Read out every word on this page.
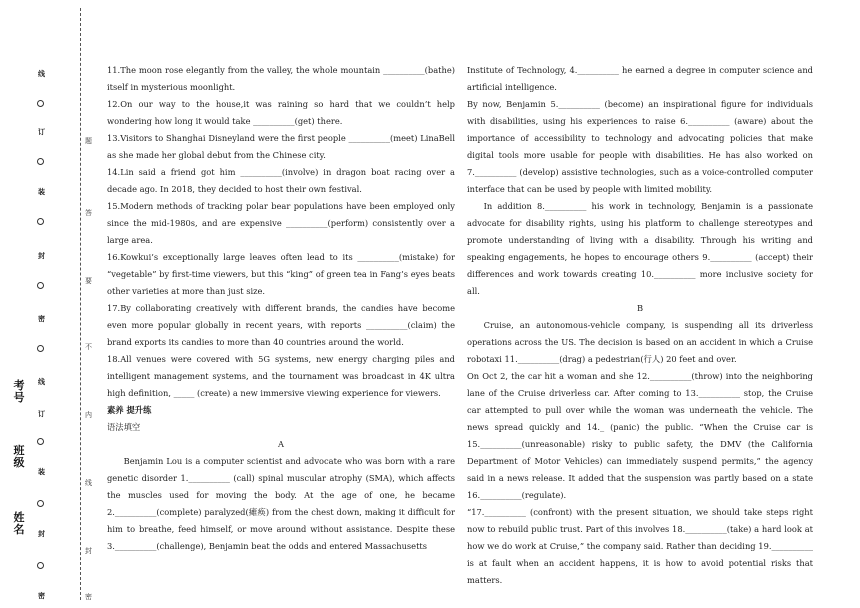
线
订
装
封
密
线
订
装
封
密
题
答
要
不
内
线
封
密
考号
班级
姓名

11.The moon rose elegantly from the valley, the whole mountain __________(bathe) itself in mysterious moonlight.

12.On our way to the house,it was raining so hard that we couldn’t help wondering how long it would take __________(get) there.

13.Visitors to Shanghai Disneyland were the first people __________(meet) LinaBell as she made her global debut from the Chinese city.

14.Lin said a friend got him __________(involve) in dragon boat racing over a decade ago. In 2018, they decided to host their own festival.

15.Modern methods of tracking polar bear populations have been employed only since the mid-1980s, and are expensive __________(perform) consistently over a large area.

16.Kowkui’s exceptionally large leaves often lead to its __________(mistake) for “vegetable” by first-time viewers, but this “king” of green tea in Fang’s eyes beats other varieties at more than just size.

17.By collaborating creatively with different brands, the candies have become even more popular globally in recent years, with reports __________(claim) the brand exports its candies to more than 40 countries around the world.

18.All venues were covered with 5G systems, new energy charging piles and intelligent management systems, and the tournament was broadcast in 4K ultra high definition, _____ (create) a new immersive viewing experience for viewers.

素养 提升练

语法填空

A

Benjamin Lou is a computer scientist and advocate who was born with a rare genetic disorder 1.__________ (call) spinal muscular atrophy (SMA), which affects the muscles used for moving the body. At the age of one, he became 2.__________(complete) paralyzed(瘫痪) from the chest down, making it difficult for him to breathe, feed himself, or move around without assistance. Despite these 3.__________(challenge), Benjamin beat the odds and entered Massachusetts

Institute of Technology, 4.__________ he earned a degree in computer science and artificial intelligence.

By now, Benjamin 5.__________ (become) an inspirational figure for individuals with disabilities, using his experiences to raise 6.__________ (aware) about the importance of accessibility to technology and advocating policies that make digital tools more usable for people with disabilities. He has also worked on 7.__________ (develop) assistive technologies, such as a voice-controlled computer interface that can be used by people with limited mobility.

In addition 8.__________ his work in technology, Benjamin is a passionate advocate for disability rights, using his platform to challenge stereotypes and promote understanding of living with a disability. Through his writing and speaking engagements, he hopes to encourage others 9.__________ (accept) their differences and work towards creating 10.__________ more inclusive society for all.

B

Cruise, an autonomous-vehicle company, is suspending all its driverless operations across the US. The decision is based on an accident in which a Cruise robotaxi 11.__________(drag) a pedestrian(行人) 20 feet and over.

On Oct 2, the car hit a woman and she 12.__________(throw) into the neighboring lane of the Cruise driverless car. After coming to 13.__________ stop, the Cruise car attempted to pull over while the woman was underneath the vehicle. The news spread quickly and 14._ (panic) the public. “When the Cruise car is 15.__________(unreasonable) risky to public safety, the DMV (the California Department of Motor Vehicles) can immediately suspend permits,” the agency said in a news release. It added that the suspension was partly based on a state 16.__________(regulate).

“17.__________ (confront) with the present situation, we should take steps right now to rebuild public trust. Part of this involves 18.__________(take) a hard look at how we do work at Cruise,” the company said. Rather than deciding 19.__________ is at fault when an accident happens, it is how to avoid potential risks that matters.
